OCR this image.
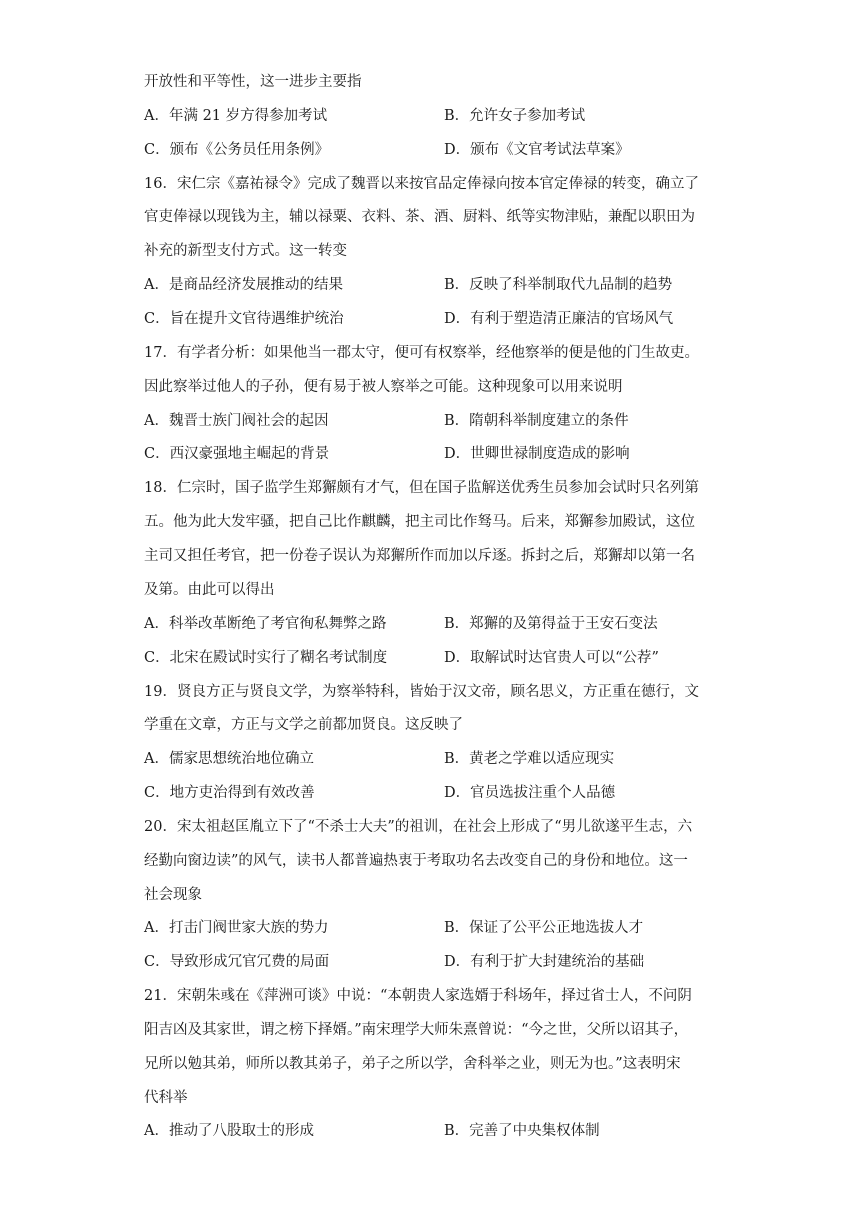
开放性和平等性，这一进步主要指
A．年满 21 岁方得参加考试	B．允许女子参加考试
C．颁布《公务员任用条例》	D．颁布《文官考试法草案》
16．宋仁宗《嘉祐禄令》完成了魏晋以来按官品定俸禄向按本官定俸禄的转变，确立了
官吏俸禄以现钱为主，辅以禄粟、衣料、茶、酒、厨料、纸等实物津贴，兼配以职田为
补充的新型支付方式。这一转变
A．是商品经济发展推动的结果	B．反映了科举制取代九品制的趋势
C．旨在提升文官待遇维护统治	D．有利于塑造清正廉洁的官场风气
17．有学者分析：如果他当一郡太守，便可有权察举，经他察举的便是他的门生故吏。
因此察举过他人的子孙，便有易于被人察举之可能。这种现象可以用来说明
A．魏晋士族门阀社会的起因	B．隋朝科举制度建立的条件
C．西汉豪强地主崛起的背景	D．世卿世禄制度造成的影响
18．仁宗时，国子监学生郑獬颇有才气，但在国子监解送优秀生员参加会试时只名列第
五。他为此大发牢骚，把自己比作麒麟，把主司比作驽马。后来，郑獬参加殿试，这位
主司又担任考官，把一份卷子误认为郑獬所作而加以斥逐。拆封之后，郑獬却以第一名
及第。由此可以得出
A．科举改革断绝了考官徇私舞弊之路	B．郑獬的及第得益于王安石变法
C．北宋在殿试时实行了糊名考试制度	D．取解试时达官贵人可以“公荐”
19．贤良方正与贤良文学，为察举特科，皆始于汉文帝，顾名思义，方正重在德行，文
学重在文章，方正与文学之前都加贤良。这反映了
A．儒家思想统治地位确立	B．黄老之学难以适应现实
C．地方吏治得到有效改善	D．官员选拔注重个人品德
20．宋太祖赵匡胤立下了“不杀士大夫”的祖训，在社会上形成了“男儿欲遂平生志，六
经勤向窗边读”的风气，读书人都普遍热衷于考取功名去改变自己的身份和地位。这一
社会现象
A．打击门阀世家大族的势力	B．保证了公平公正地选拔人才
C．导致形成冗官冗费的局面	D．有利于扩大封建统治的基础
21．宋朝朱彧在《萍洲可谈》中说：“本朝贵人家选婿于科场年，择过省士人，不问阴
阳吉凶及其家世，谓之榜下择婿。”南宋理学大师朱熹曾说：“今之世，父所以诏其子，
兄所以勉其弟，师所以教其弟子，弟子之所以学，舍科举之业，则无为也。”这表明宋
代科举
A．推动了八股取士的形成	B．完善了中央集权体制
